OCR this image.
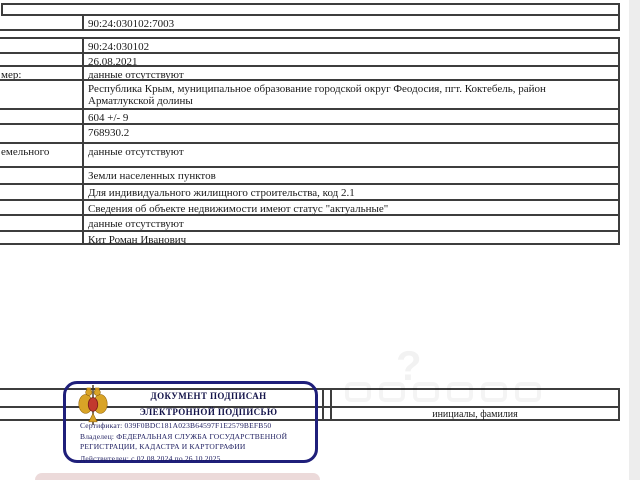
90:24:030102:7003
90:24:030102
26.08.2021
мер:	данные отсутствуют
Республика Крым, муниципальное образование городской округ Феодосия, пгт. Коктебель, район Арматлукской долины
604 +/- 9
768930.2
емельного	данные отсутствуют
Земли населенных пунктов
Для индивидуального жилищного строительства, код 2.1
Сведения об объекте недвижимости имеют статус "актуальные"
данные отсутствуют
Кит Роман Иванович
?
инициалы, фамилия
ДОКУМЕНТ ПОДПИСАН
ЭЛЕКТРОННОЙ ПОДПИСЬЮ
Сертификат: 039F0BDC181A023B64597F1E2579BEFB50
Владелец: ФЕДЕРАЛЬНАЯ СЛУЖБА ГОСУДАРСТВЕННОЙ РЕГИСТРАЦИИ, КАДАСТРА И КАРТОГРАФИИ
Действителен: с 02.08.2024 по 26.10.2025
